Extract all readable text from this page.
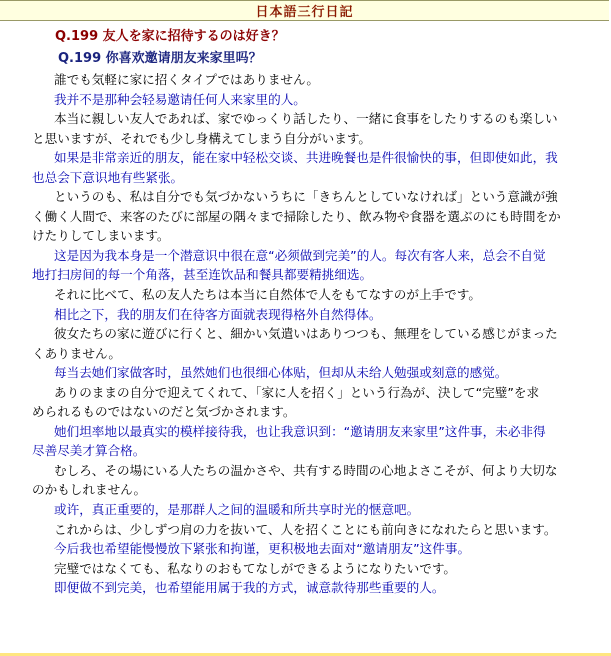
日本語三行日記
Q.199 友人を家に招待するのは好き？
Q.199 你喜欢邀请朋友来家里吗？
誰でも気軽に家に招くタイプではありません。
我并不是那种会轻易邀请任何人来家里的人。
本当に親しい友人であれば、家でゆっくり話したり、一緒に食事をしたりするのも楽しい
と思いますが、それでも少し身構えてしまう自分がいます。
如果是非常亲近的朋友，能在家中轻松交谈、共进晚餐也是件很愉快的事，但即使如此，我
也总会下意识地有些紧张。
というのも、私は自分でも気づかないうちに「きちんとしていなければ」という意識が強
く働く人間で、来客のたびに部屋の隅々まで掃除したり、飲み物や食器を選ぶのにも時間をか
けたりしてしまいます。
这是因为我本身是一个潜意识中很在意“必须做到完美”的人。每次有客人来，总会不自觉
地打扫房间的每一个角落，甚至连饮品和餐具都要精挑细选。
それに比べて、私の友人たちは本当に自然体で人をもてなすのが上手です。
相比之下，我的朋友们在待客方面就表现得格外自然得体。
彼女たちの家に遊びに行くと、細かい気遣いはありつつも、無理をしている感じがまった
くありません。
每当去她们家做客时，虽然她们也很细心体贴，但却从未给人勉强或刻意的感觉。
ありのままの自分で迎えてくれて、「家に人を招く」という行為が、決して“完璧”を求
められるものではないのだと気づかされます。
她们坦率地以最真实的模样接待我，也让我意识到：“邀请朋友来家里”这件事，未必非得
尽善尽美才算合格。
むしろ、その場にいる人たちの温かさや、共有する時間の心地よさこそが、何より大切な
のかもしれません。
或许，真正重要的，是那群人之间的温暖和所共享时光的惬意吧。
これからは、少しずつ肩の力を抜いて、人を招くことにも前向きになれたらと思います。
今后我也希望能慢慢放下紧张和拘谨，更积极地去面对“邀请朋友”这件事。
完璧ではなくても、私なりのおもてなしができるようになりたいです。
即便做不到完美，也希望能用属于我的方式，诚意款待那些重要的人。
